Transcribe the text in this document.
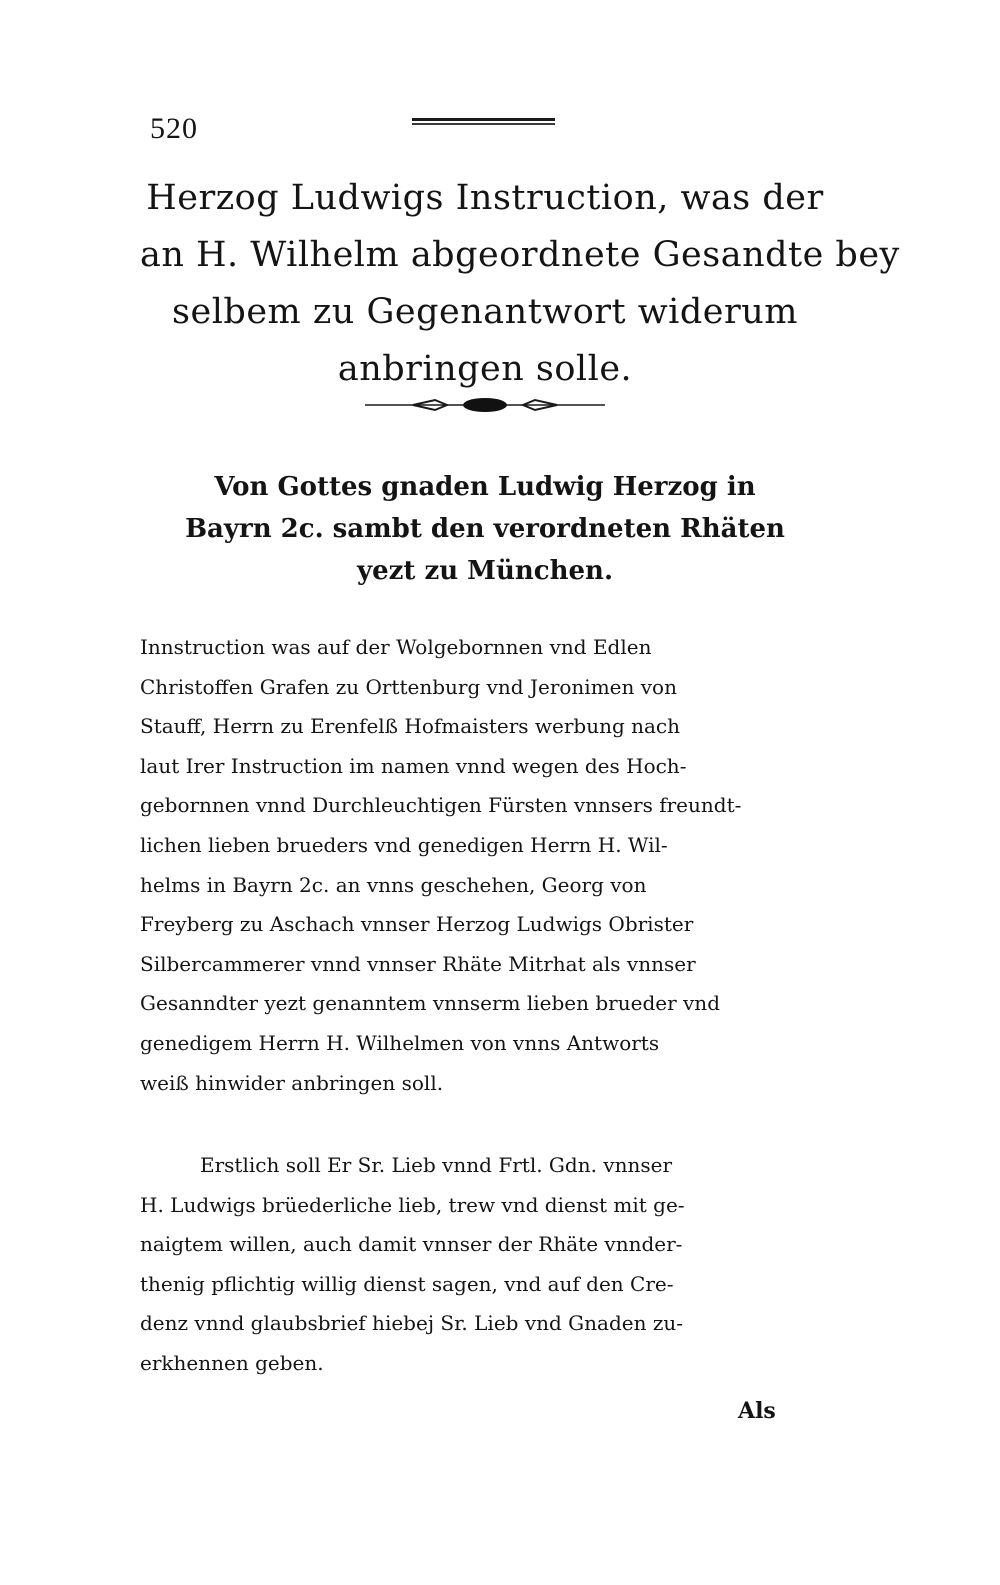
520
Herzog Ludwigs Instruction, was der
an H. Wilhelm abgeordnete Gesandte bey
selbem zu Gegenantwort widerum
anbringen solle.
Von Gottes gnaden Ludwig Herzog in
Bayrn 2c. sambt den verordneten Rhäten
yezt zu München.

Innstruction was auf der Wolgebornnen vnd Edlen
Christoffen Grafen zu Orttenburg vnd Jeronimen von
Stauff, Herrn zu Erenfelß Hofmaisters werbung nach
laut Irer Instruction im namen vnnd wegen des Hoch-
gebornnen vnnd Durchleuchtigen Fürsten vnnsers freundt-
lichen lieben brueders vnd genedigen Herrn H. Wil-
helms in Bayrn 2c. an vnns geschehen, Georg von
Freyberg zu Aschach vnnser Herzog Ludwigs Obrister
Silbercammerer vnnd vnnser Rhäte Mitrhat als vnnser
Gesanndter yezt genanntem vnnserm lieben brueder vnd
genedigem Herrn H. Wilhelmen von vnns Antworts
weiß hinwider anbringen soll.

Erstlich soll Er Sr. Lieb vnnd Frtl. Gdn. vnnser
H. Ludwigs brüederliche lieb, trew vnd dienst mit ge-
naigtem willen, auch damit vnnser der Rhäte vnnder-
thenig pflichtig willig dienst sagen, vnd auf den Cre-
denz vnnd glaubsbrief hiebej Sr. Lieb vnd Gnaden zu-
erkhennen geben.

Als
